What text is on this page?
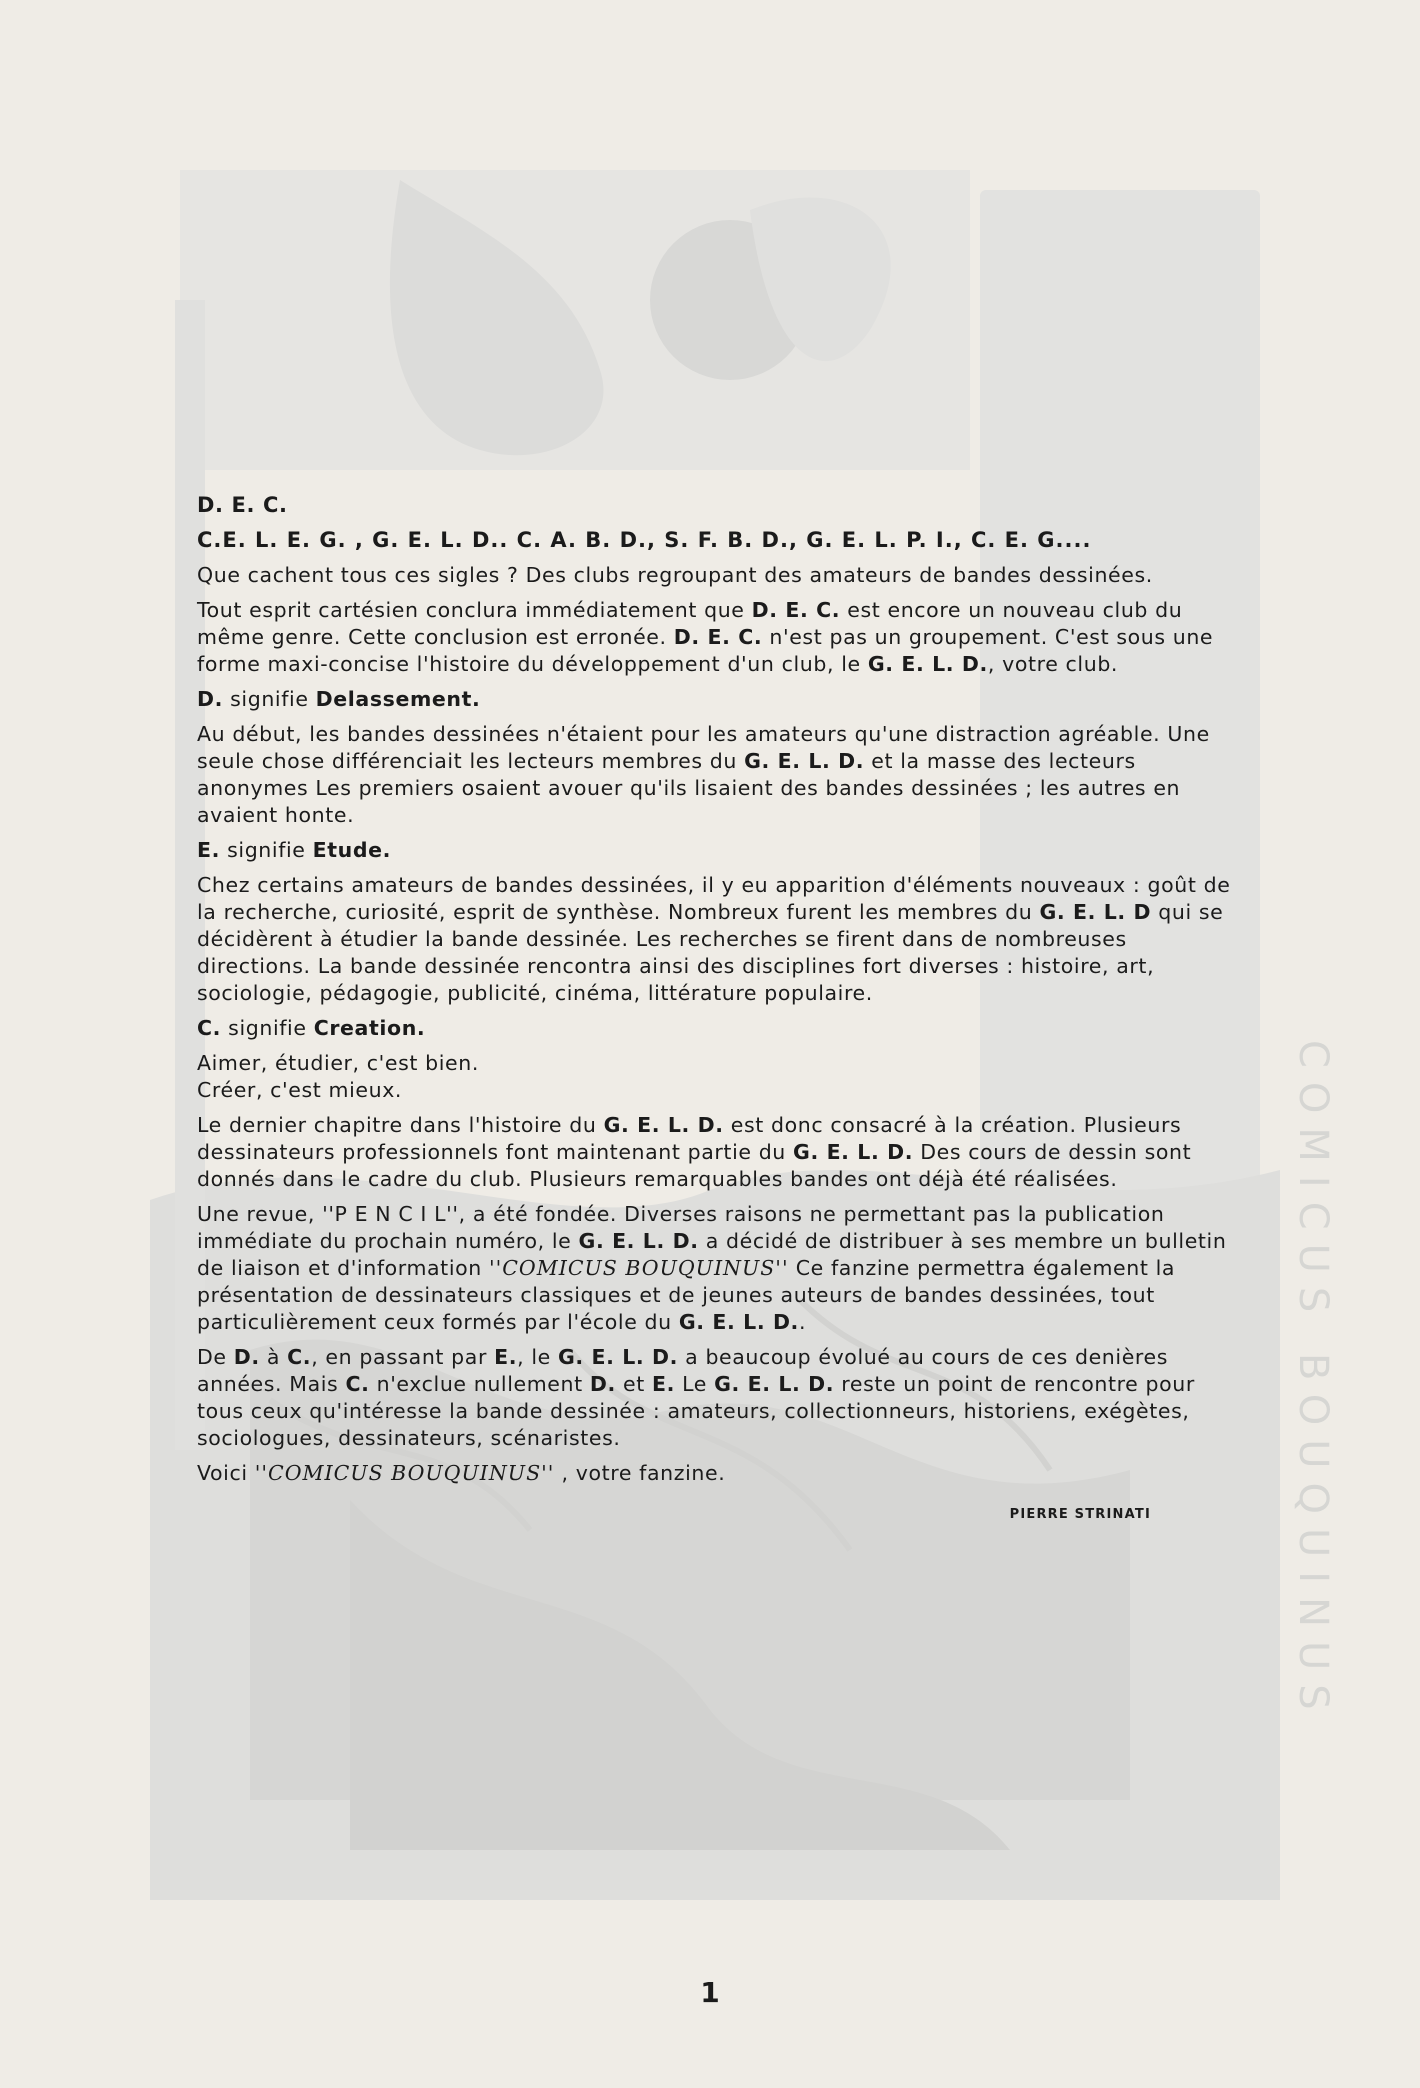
COMICUS BOUQUINUS

D. E. C.

C.E. L. E. G. , G. E. L. D.. C. A. B. D., S. F. B. D., G. E. L. P. I., C. E. G....

Que cachent tous ces sigles ? Des clubs regroupant des amateurs de bandes dessinées.

Tout esprit cartésien conclura immédiatement que D. E. C. est encore un nouveau club du même genre. Cette conclusion est erronée. D. E. C. n'est pas un groupement. C'est sous une forme maxi-concise l'histoire du développement d'un club, le G. E. L. D., votre club.

D. signifie Delassement.

Au début, les bandes dessinées n'étaient pour les amateurs qu'une distraction agréable. Une seule chose différenciait les lecteurs membres du G. E. L. D. et la masse des lecteurs anonymes Les premiers osaient avouer qu'ils lisaient des bandes dessinées ; les autres en avaient honte.

E. signifie Etude.

Chez certains amateurs de bandes dessinées, il y eu apparition d'éléments nouveaux : goût de la recherche, curiosité, esprit de synthèse. Nombreux furent les membres du G. E. L. D qui se décidèrent à étudier la bande dessinée. Les recherches se firent dans de nombreuses directions. La bande dessinée rencontra ainsi des disciplines fort diverses : histoire, art, sociologie, pédagogie, publicité, cinéma, littérature populaire.

C. signifie Creation.

Aimer, étudier, c'est bien.
Créer, c'est mieux.

Le dernier chapitre dans l'histoire du G. E. L. D. est donc consacré à la création. Plusieurs dessinateurs professionnels font maintenant partie du G. E. L. D. Des cours de dessin sont donnés dans le cadre du club. Plusieurs remarquables bandes ont déjà été réalisées.

Une revue, ''P E N C I L'', a été fondée. Diverses raisons ne permettant pas la publication immédiate du prochain numéro, le G. E. L. D. a décidé de distribuer à ses membre un bulletin de liaison et d'information ''COMICUS BOUQUINUS'' Ce fanzine permettra également la présentation de dessinateurs classiques et de jeunes auteurs de bandes dessinées, tout particulièrement ceux formés par l'école du G. E. L. D..

De D. à C., en passant par E., le G. E. L. D. a beaucoup évolué au cours de ces denières années. Mais C. n'exclue nullement D. et E. Le G. E. L. D. reste un point de rencontre pour tous ceux qu'intéresse la bande dessinée : amateurs, collectionneurs, historiens, exégètes, sociologues, dessinateurs, scénaristes.

Voici ''COMICUS BOUQUINUS'' , votre fanzine.

PIERRE STRINATI
1
